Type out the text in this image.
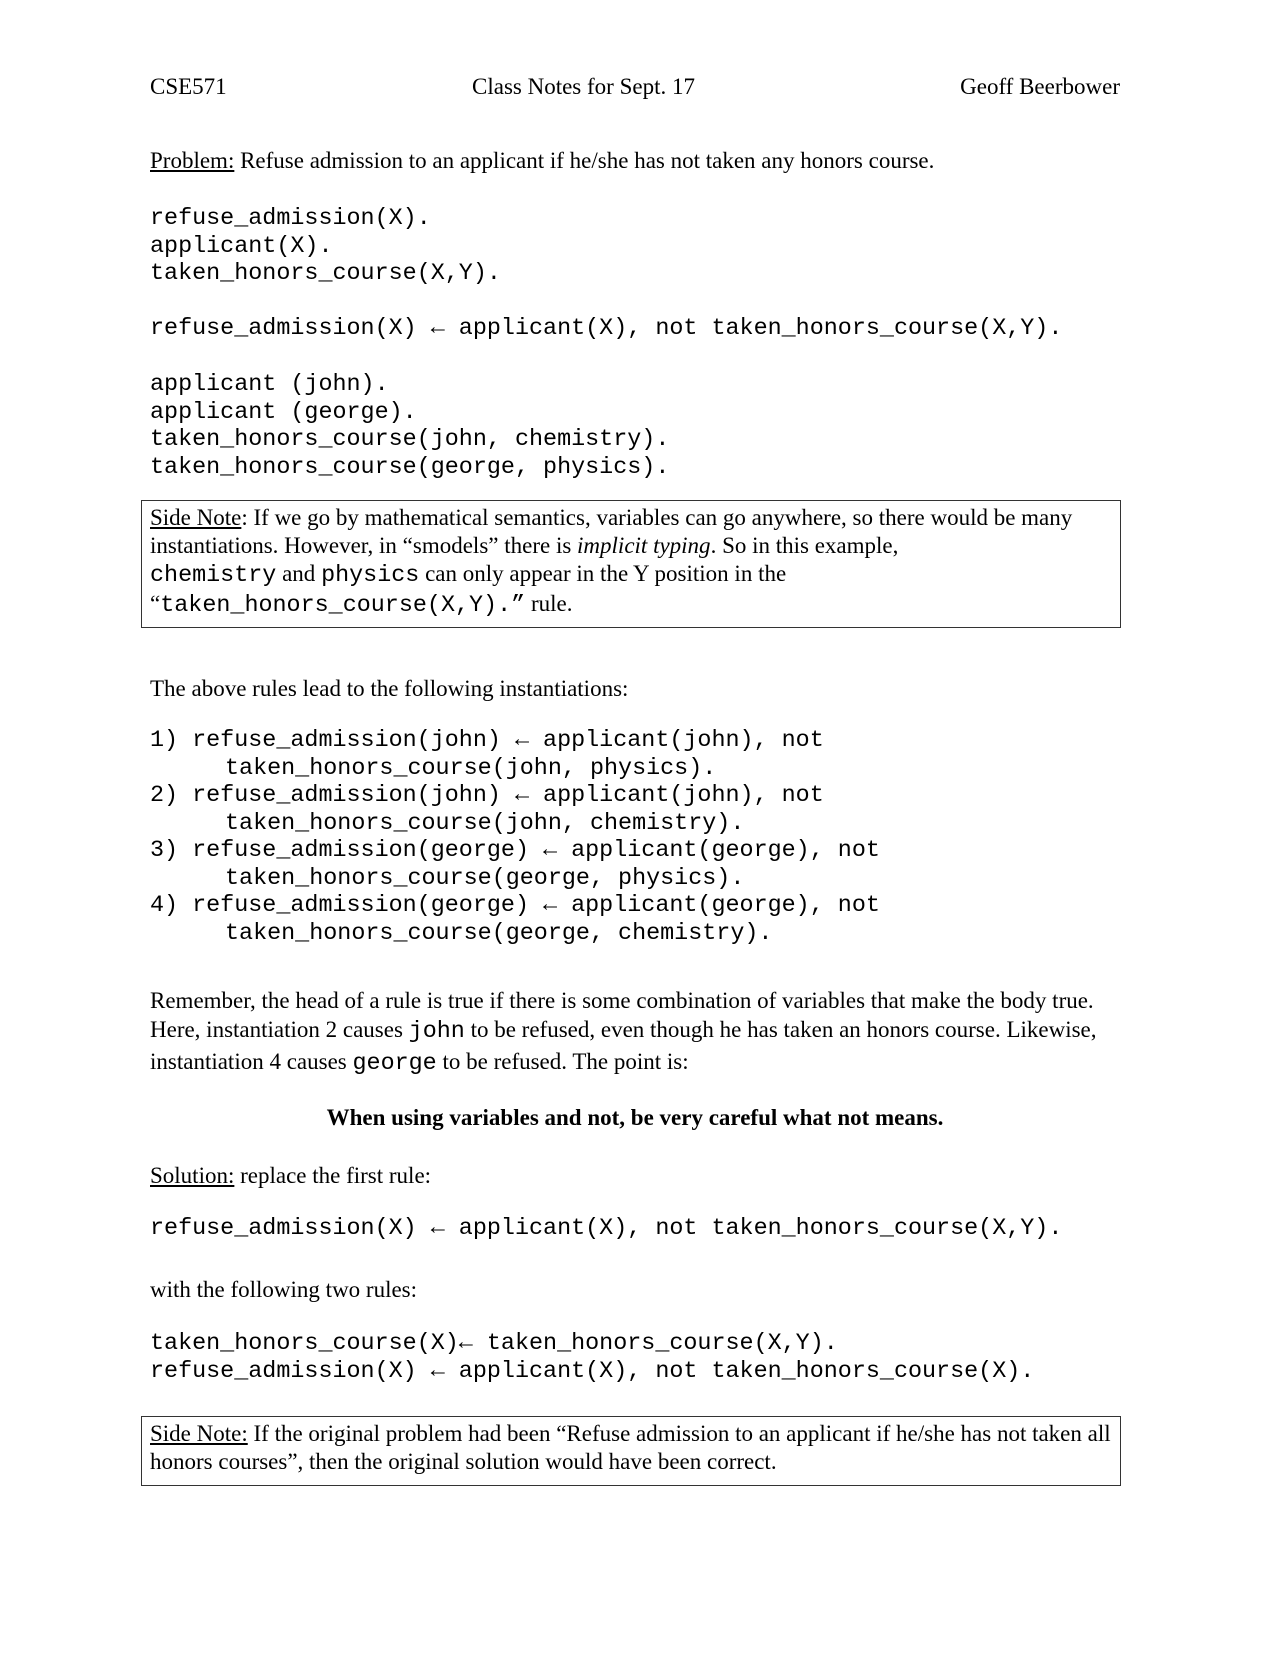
CSE571	Class Notes for Sept. 17	Geoff Beerbower
Problem: Refuse admission to an applicant if he/she has not taken any honors course.
refuse_admission(X).
applicant(X).
taken_honors_course(X,Y).
refuse_admission(X) ← applicant(X), not taken_honors_course(X,Y).
applicant (john).
applicant (george).
taken_honors_course(john, chemistry).
taken_honors_course(george, physics).
Side Note: If we go by mathematical semantics, variables can go anywhere, so there would be many instantiations. However, in “smodels” there is implicit typing. So in this example,
chemistry and physics can only appear in the Y position in the
“taken_honors_course(X,Y).” rule.
The above rules lead to the following instantiations:
1) refuse_admission(john) ← applicant(john), not
taken_honors_course(john, physics).
2) refuse_admission(john) ← applicant(john), not
taken_honors_course(john, chemistry).
3) refuse_admission(george) ← applicant(george), not
taken_honors_course(george, physics).
4) refuse_admission(george) ← applicant(george), not
taken_honors_course(george, chemistry).
Remember, the head of a rule is true if there is some combination of variables that make the body true. Here, instantiation 2 causes john to be refused, even though he has taken an honors course. Likewise, instantiation 4 causes george to be refused. The point is:
When using variables and not, be very careful what not means.
Solution: replace the first rule:
refuse_admission(X) ← applicant(X), not taken_honors_course(X,Y).
with the following two rules:
taken_honors_course(X)← taken_honors_course(X,Y).
refuse_admission(X) ← applicant(X), not taken_honors_course(X).
Side Note: If the original problem had been “Refuse admission to an applicant if he/she has not taken all honors courses”, then the original solution would have been correct.
